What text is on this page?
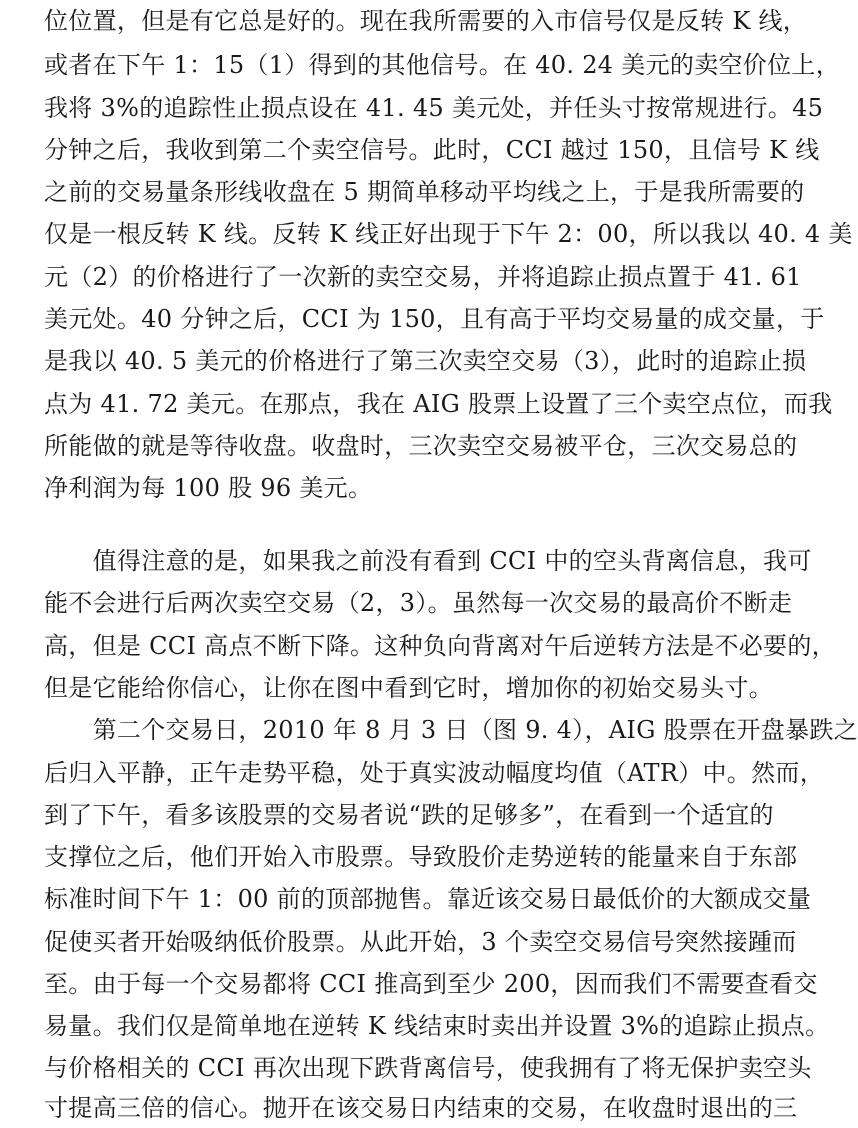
位位置，但是有它总是好的。现在我所需要的入市信号仅是反转 K 线，
或者在下午 1：15（1）得到的其他信号。在 40. 24 美元的卖空价位上，
我将 3%的追踪性止损点设在 41. 45 美元处，并任头寸按常规进行。45
分钟之后，我收到第二个卖空信号。此时，CCI 越过 150，且信号 K 线
之前的交易量条形线收盘在 5 期简单移动平均线之上，于是我所需要的
仅是一根反转 K 线。反转 K 线正好出现于下午 2：00，所以我以 40. 4 美
元（2）的价格进行了一次新的卖空交易，并将追踪止损点置于 41. 61
美元处。40 分钟之后，CCI 为 150，且有高于平均交易量的成交量，于
是我以 40. 5 美元的价格进行了第三次卖空交易（3），此时的追踪止损
点为 41. 72 美元。在那点，我在 AIG 股票上设置了三个卖空点位，而我
所能做的就是等待收盘。收盘时，三次卖空交易被平仓，三次交易总的
净利润为每 100 股 96 美元。
　　值得注意的是，如果我之前没有看到 CCI 中的空头背离信息，我可
能不会进行后两次卖空交易（2，3）。虽然每一次交易的最高价不断走
高，但是 CCI 高点不断下降。这种负向背离对午后逆转方法是不必要的，
但是它能给你信心，让你在图中看到它时，增加你的初始交易头寸。
　　第二个交易日，2010 年 8 月 3 日（图 9. 4），AIG 股票在开盘暴跌之
后归入平静，正午走势平稳，处于真实波动幅度均值（ATR）中。然而，
到了下午，看多该股票的交易者说“跌的足够多”，在看到一个适宜的
支撑位之后，他们开始入市股票。导致股价走势逆转的能量来自于东部
标准时间下午 1：00 前的顶部抛售。靠近该交易日最低价的大额成交量
促使买者开始吸纳低价股票。从此开始，3 个卖空交易信号突然接踵而
至。由于每一个交易都将 CCI 推高到至少 200，因而我们不需要查看交
易量。我们仅是简单地在逆转 K 线结束时卖出并设置 3%的追踪止损点。
与价格相关的 CCI 再次出现下跌背离信号，使我拥有了将无保护卖空头
寸提高三倍的信心。抛开在该交易日内结束的交易，在收盘时退出的三
